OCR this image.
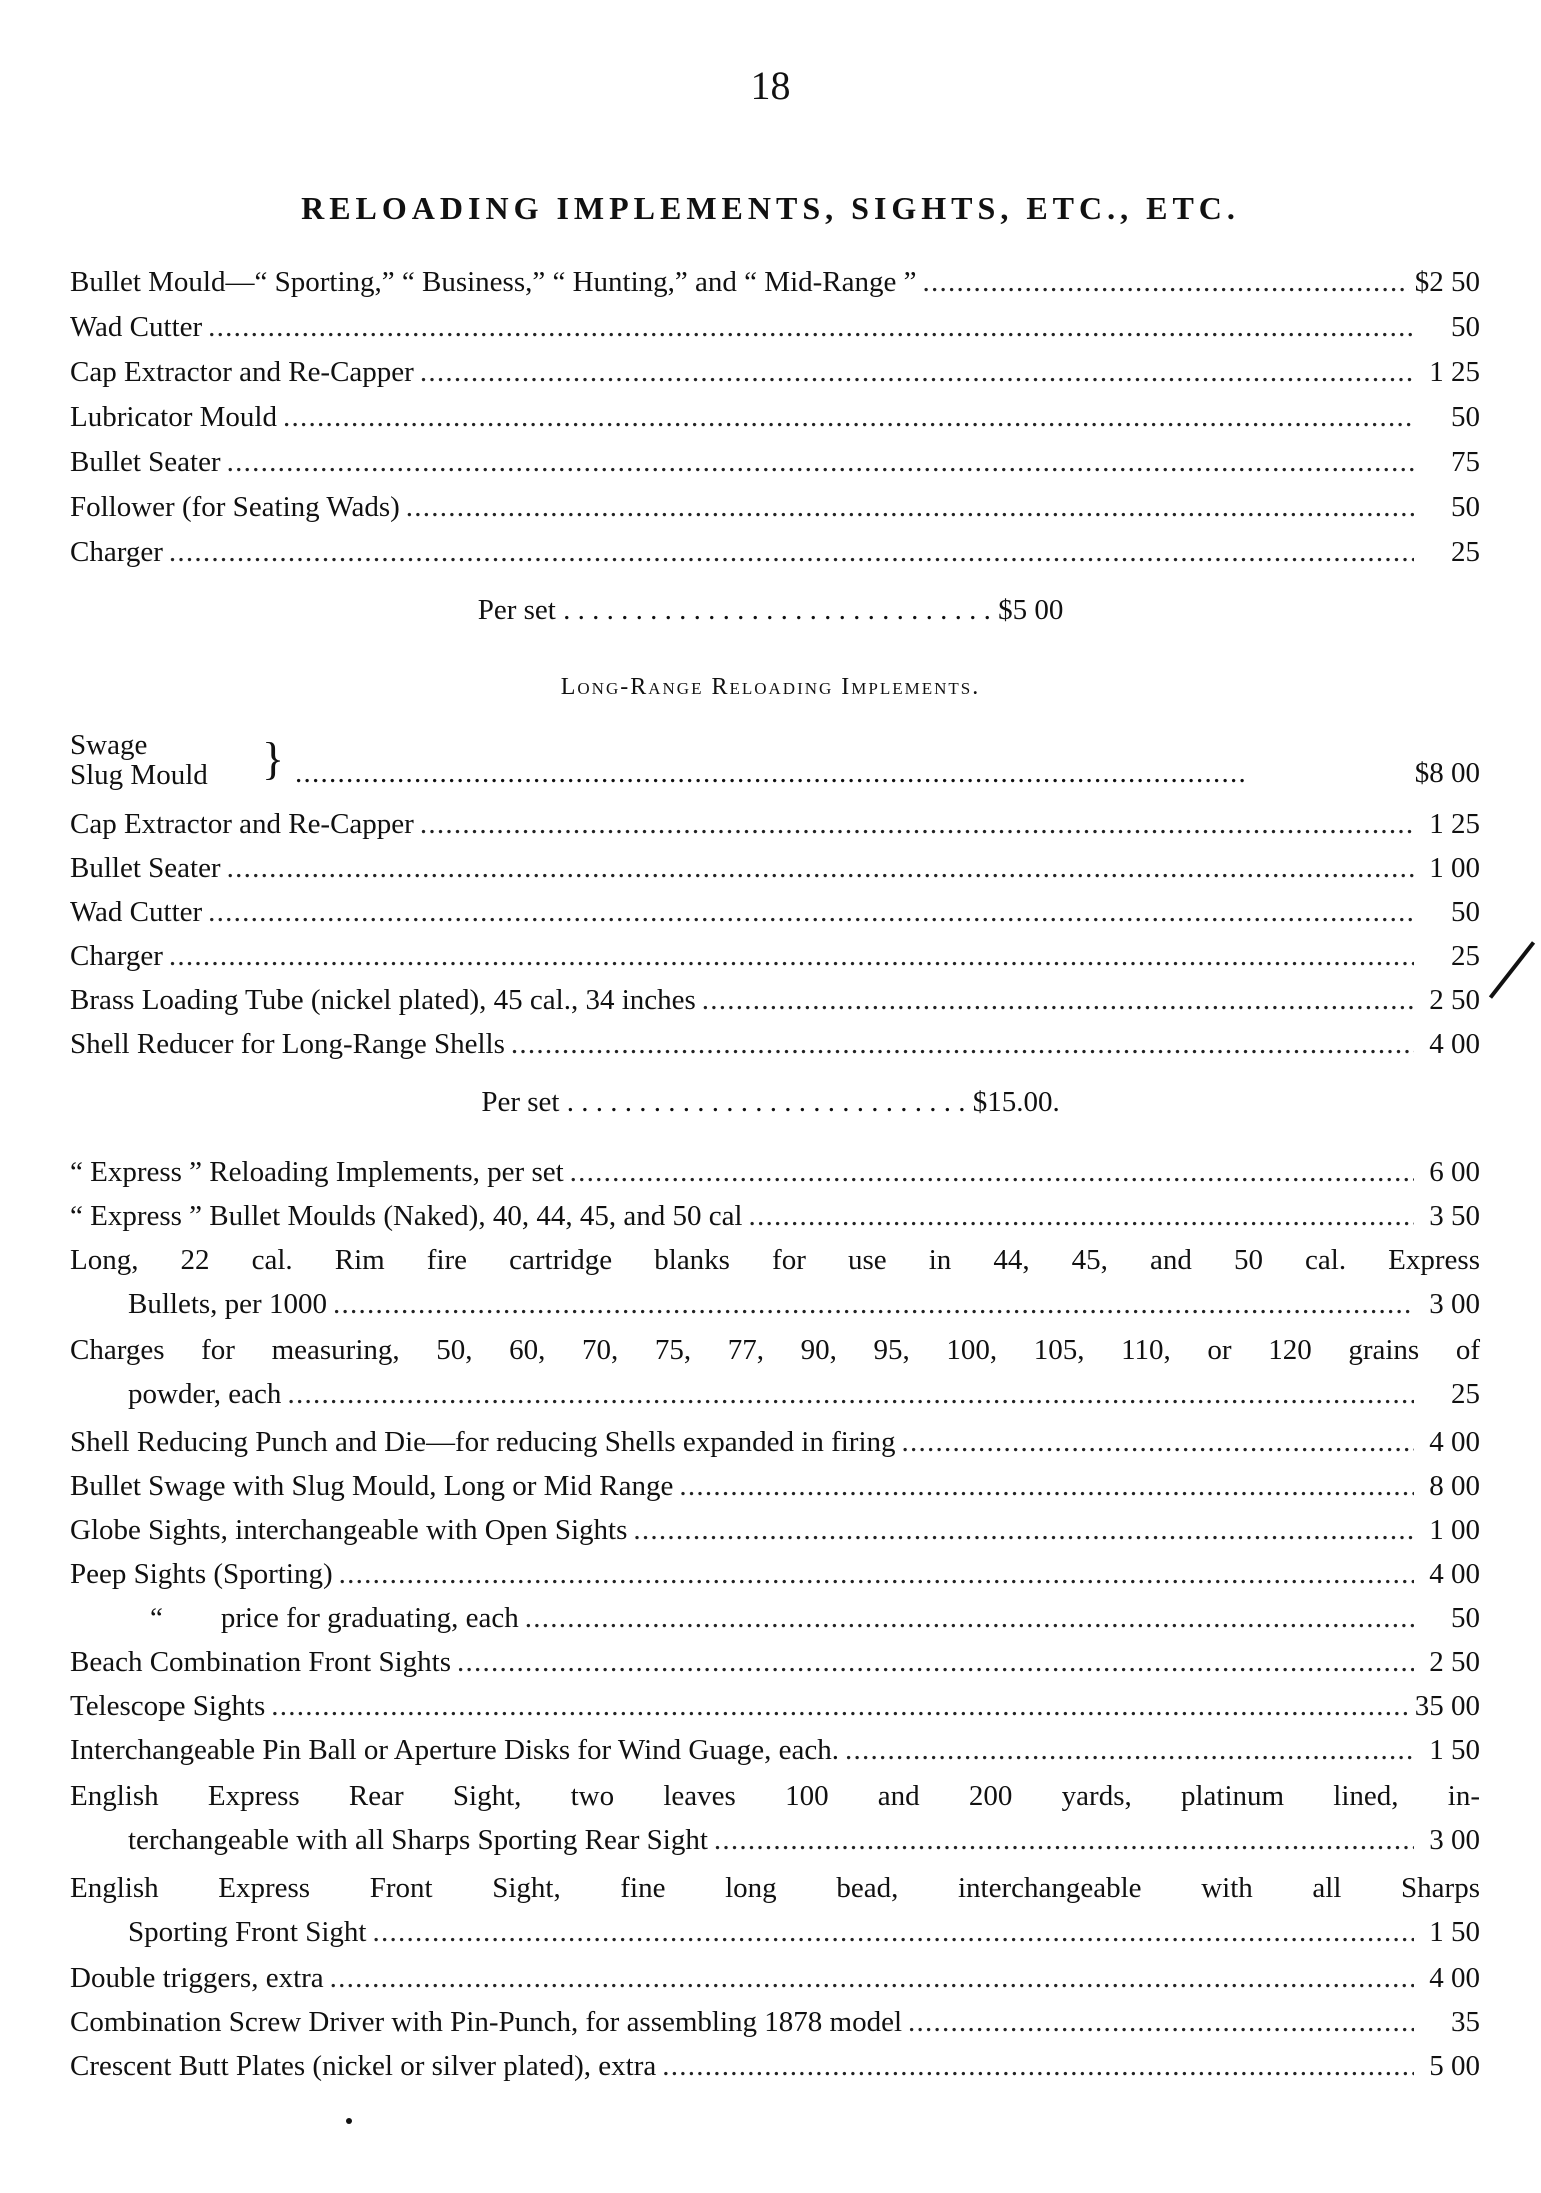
18
RELOADING IMPLEMENTS, SIGHTS, ETC., ETC.
Bullet Mould—“ Sporting,” “ Business,” “ Hunting,” and “ Mid-Range ” . . .	$2 50
Wad Cutter . . .	50
Cap Extractor and Re-Capper . . .	1 25
Lubricator Mould . . .	50
Bullet Seater . . .	75
Follower (for Seating Wads) . . .	50
Charger . . .	25
Per set . . . . . . . . . . . . . . . . . . . . . . . . . . . . . . $5 00
Long-Range Reloading Implements.
Swage
Slug Mould } . . .	$8 00
Cap Extractor and Re-Capper . . .	1 25
Bullet Seater . . .	1 00
Wad Cutter . . .	50
Charger . . .	25
Brass Loading Tube (nickel plated), 45 cal., 34 inches . . .	2 50
Shell Reducer for Long-Range Shells . . .	4 00
Per set . . . . . . . . . . . . . . . . . . . . . . . . . . . . $15.00.
“ Express ” Reloading Implements, per set . . .	6 00
“ Express ” Bullet Moulds (Naked), 40, 44, 45, and 50 cal . . .	3 50
Long, 22 cal. Rim fire cartridge blanks for use in 44, 45, and 50 cal. Express
Bullets, per 1000 . . .	3 00
Charges for measuring, 50, 60, 70, 75, 77, 90, 95, 100, 105, 110, or 120 grains of
powder, each . . .	25
Shell Reducing Punch and Die—for reducing Shells expanded in firing . . .	4 00
Bullet Swage with Slug Mould, Long or Mid Range . . .	8 00
Globe Sights, interchangeable with Open Sights . . .	1 00
Peep Sights (Sporting) . . .	4 00
“        price for graduating, each . . .	50
Beach Combination Front Sights . . .	2 50
Telescope Sights . . .	35 00
Interchangeable Pin Ball or Aperture Disks for Wind Guage, each. . . .	1 50
English Express Rear Sight, two leaves 100 and 200 yards, platinum lined, in-
terchangeable with all Sharps Sporting Rear Sight . . .	3 00
English Express Front Sight, fine long bead, interchangeable with all Sharps
Sporting Front Sight . . .	1 50
Double triggers, extra . . .	4 00
Combination Screw Driver with Pin-Punch, for assembling 1878 model . . .	35
Crescent Butt Plates (nickel or silver plated), extra . . .	5 00
